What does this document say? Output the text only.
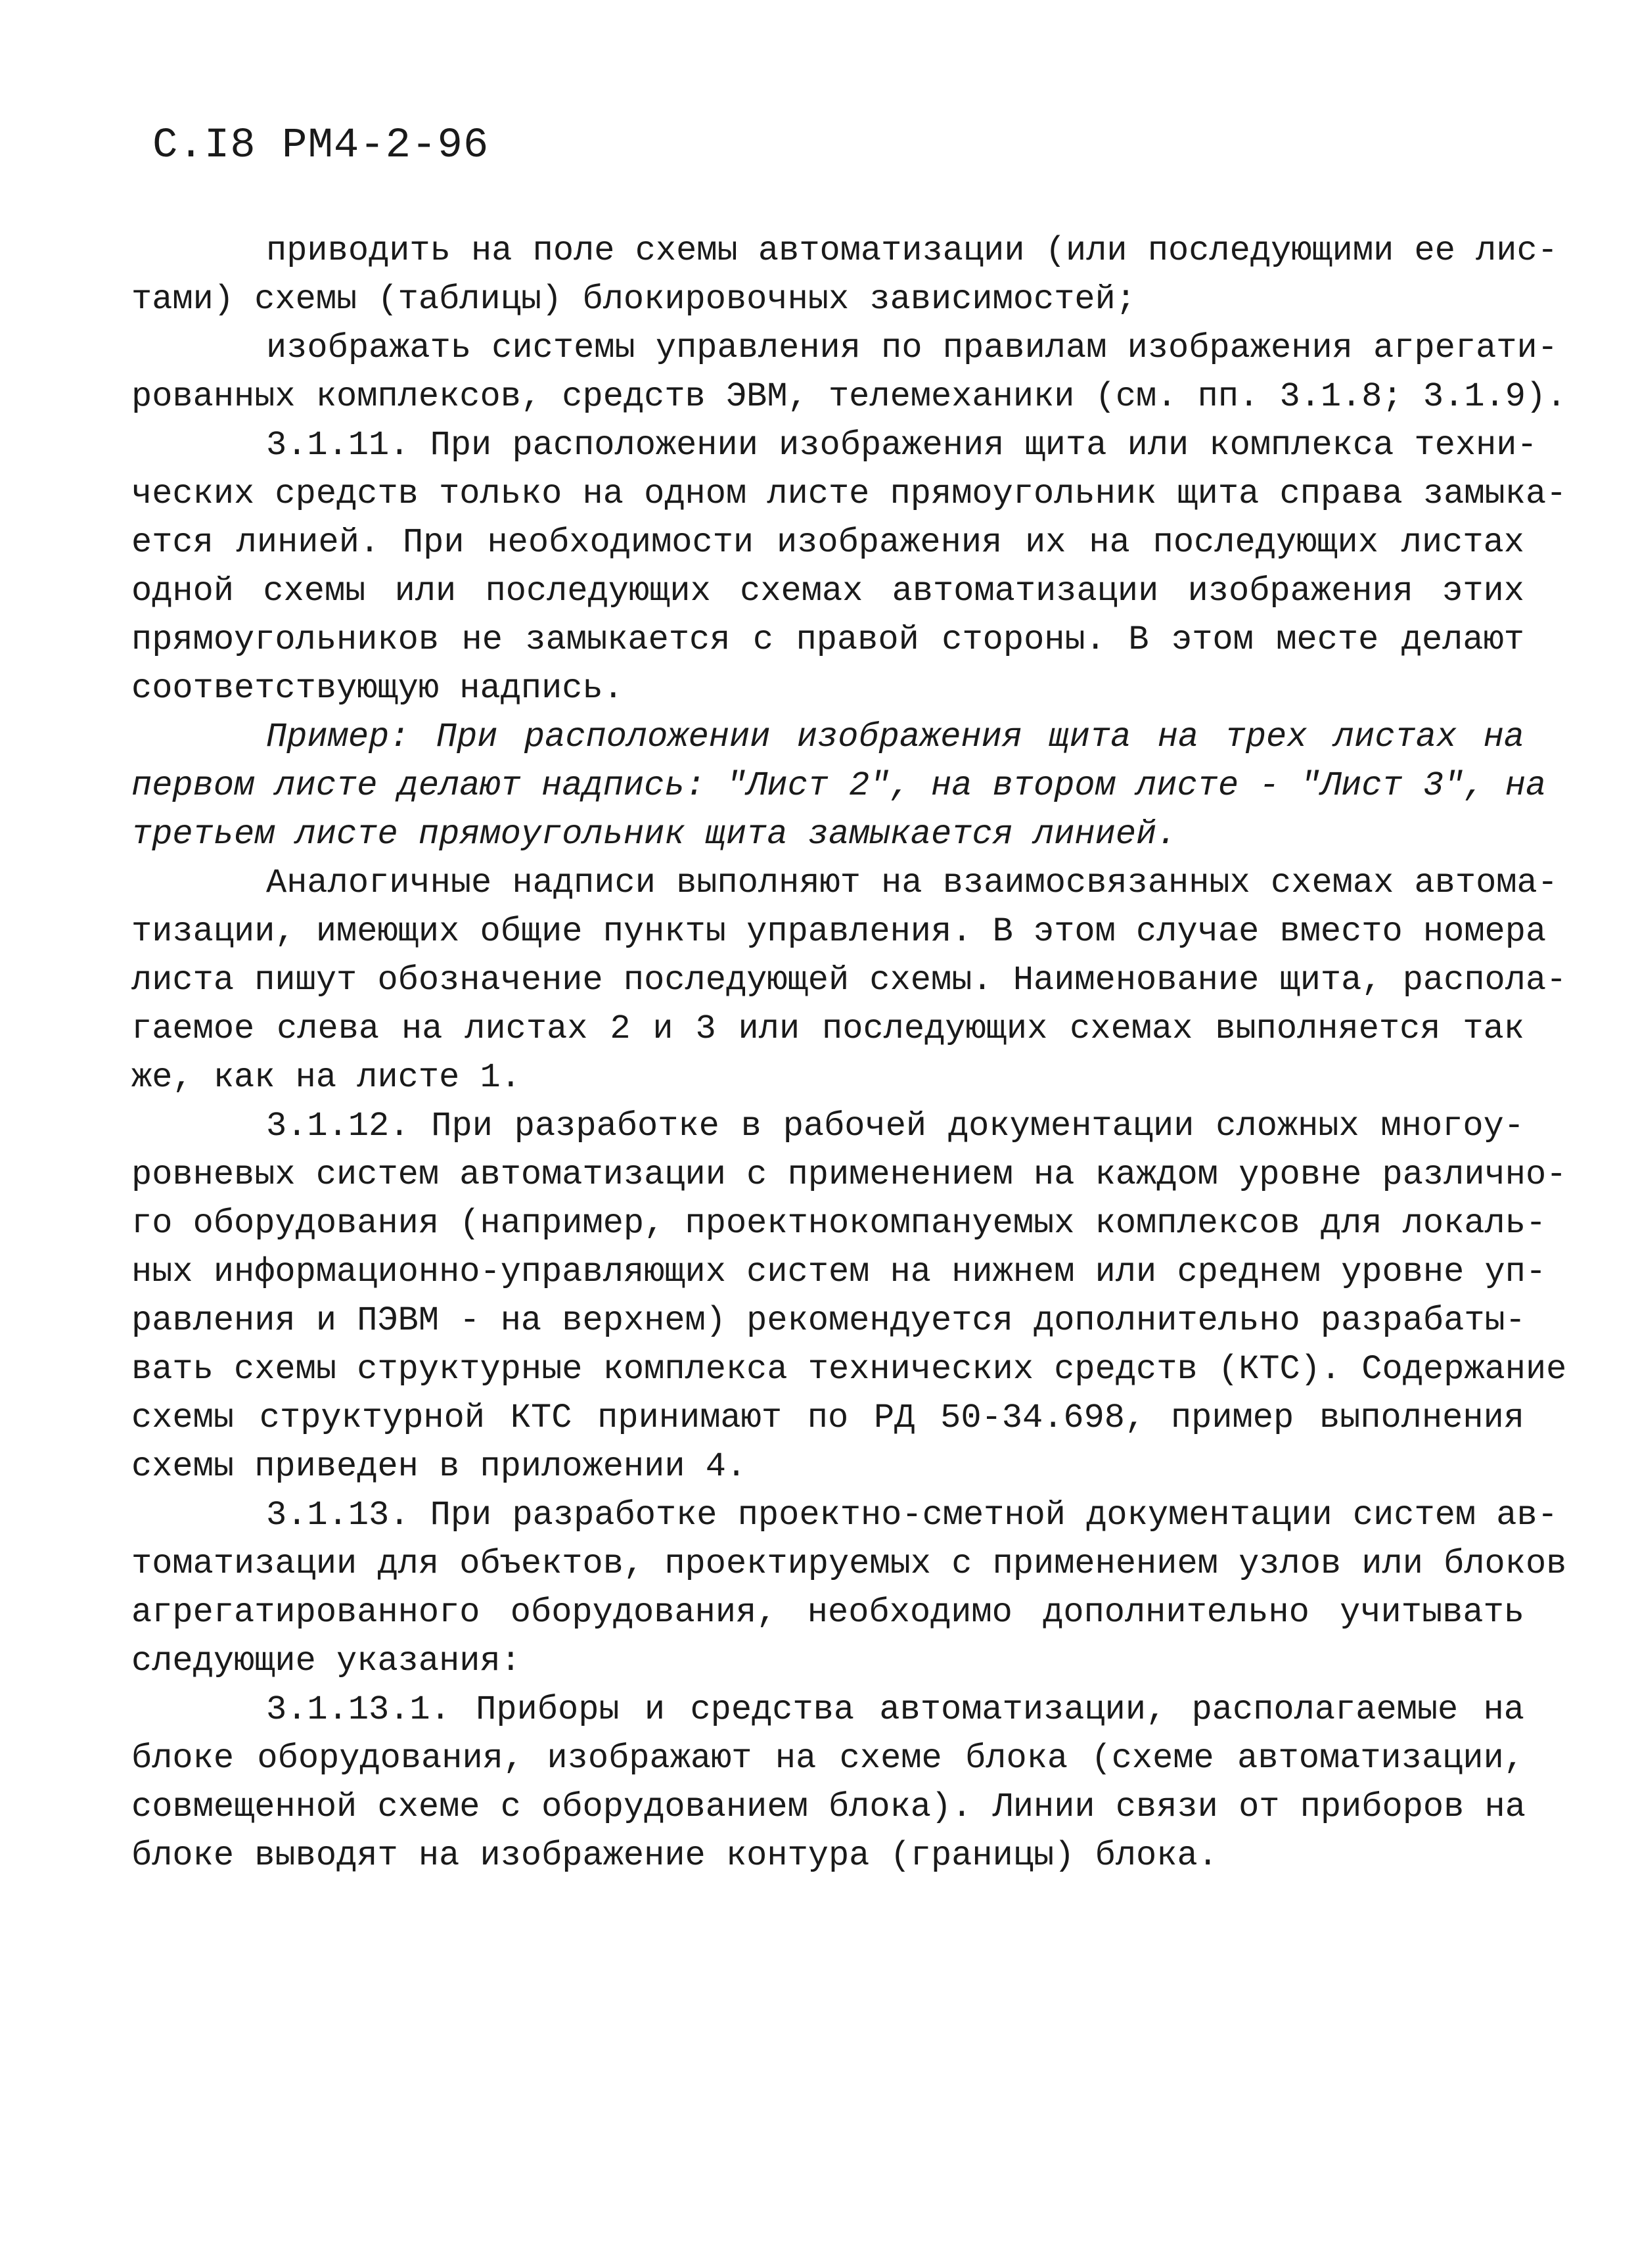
С.I8 РМ4-2-96
приводить на поле схемы автоматизации (или последующими ее лис-
тами) схемы (таблицы) блокировочных зависимостей;
изображать системы управления по правилам изображения агрегати-
рованных комплексов, средств ЭВМ, телемеханики (см. пп. 3.1.8; 3.1.9).
3.1.11. При расположении изображения щита или комплекса техни-
ческих средств только на одном листе прямоугольник щита справа замыка-
ется линией. При необходимости изображения их на последующих листах
одной схемы или последующих схемах автоматизации изображения этих
прямоугольников не замыкается с правой стороны. В этом месте делают
соответствующую надпись.
Пример: При расположении изображения щита на трех листах на
первом листе делают надпись: "Лист 2", на втором листе - "Лист 3", на
третьем листе прямоугольник щита замыкается линией.
Аналогичные надписи выполняют на взаимосвязанных схемах автома-
тизации, имеющих общие пункты управления. В этом случае вместо номера
листа пишут обозначение последующей схемы. Наименование щита, распола-
гаемое слева на листах 2 и 3 или последующих схемах выполняется так
же, как на листе 1.
3.1.12. При разработке в рабочей документации сложных многоу-
ровневых систем автоматизации с применением на каждом уровне различно-
го оборудования (например, проектнокомпануемых комплексов для локаль-
ных информационно-управляющих систем на нижнем или среднем уровне уп-
равления и ПЭВМ - на верхнем) рекомендуется дополнительно разрабаты-
вать схемы структурные комплекса технических средств (КТС). Содержание
схемы структурной КТС принимают по РД 50-34.698, пример выполнения
схемы приведен в приложении 4.
3.1.13. При разработке проектно-сметной документации систем ав-
томатизации для объектов, проектируемых с применением узлов или блоков
агрегатированного оборудования, необходимо дополнительно учитывать
следующие указания:
3.1.13.1. Приборы и средства автоматизации, располагаемые на
блоке оборудования, изображают на схеме блока (схеме автоматизации,
совмещенной схеме с оборудованием блока). Линии связи от приборов на
блоке выводят на изображение контура (границы) блока.
